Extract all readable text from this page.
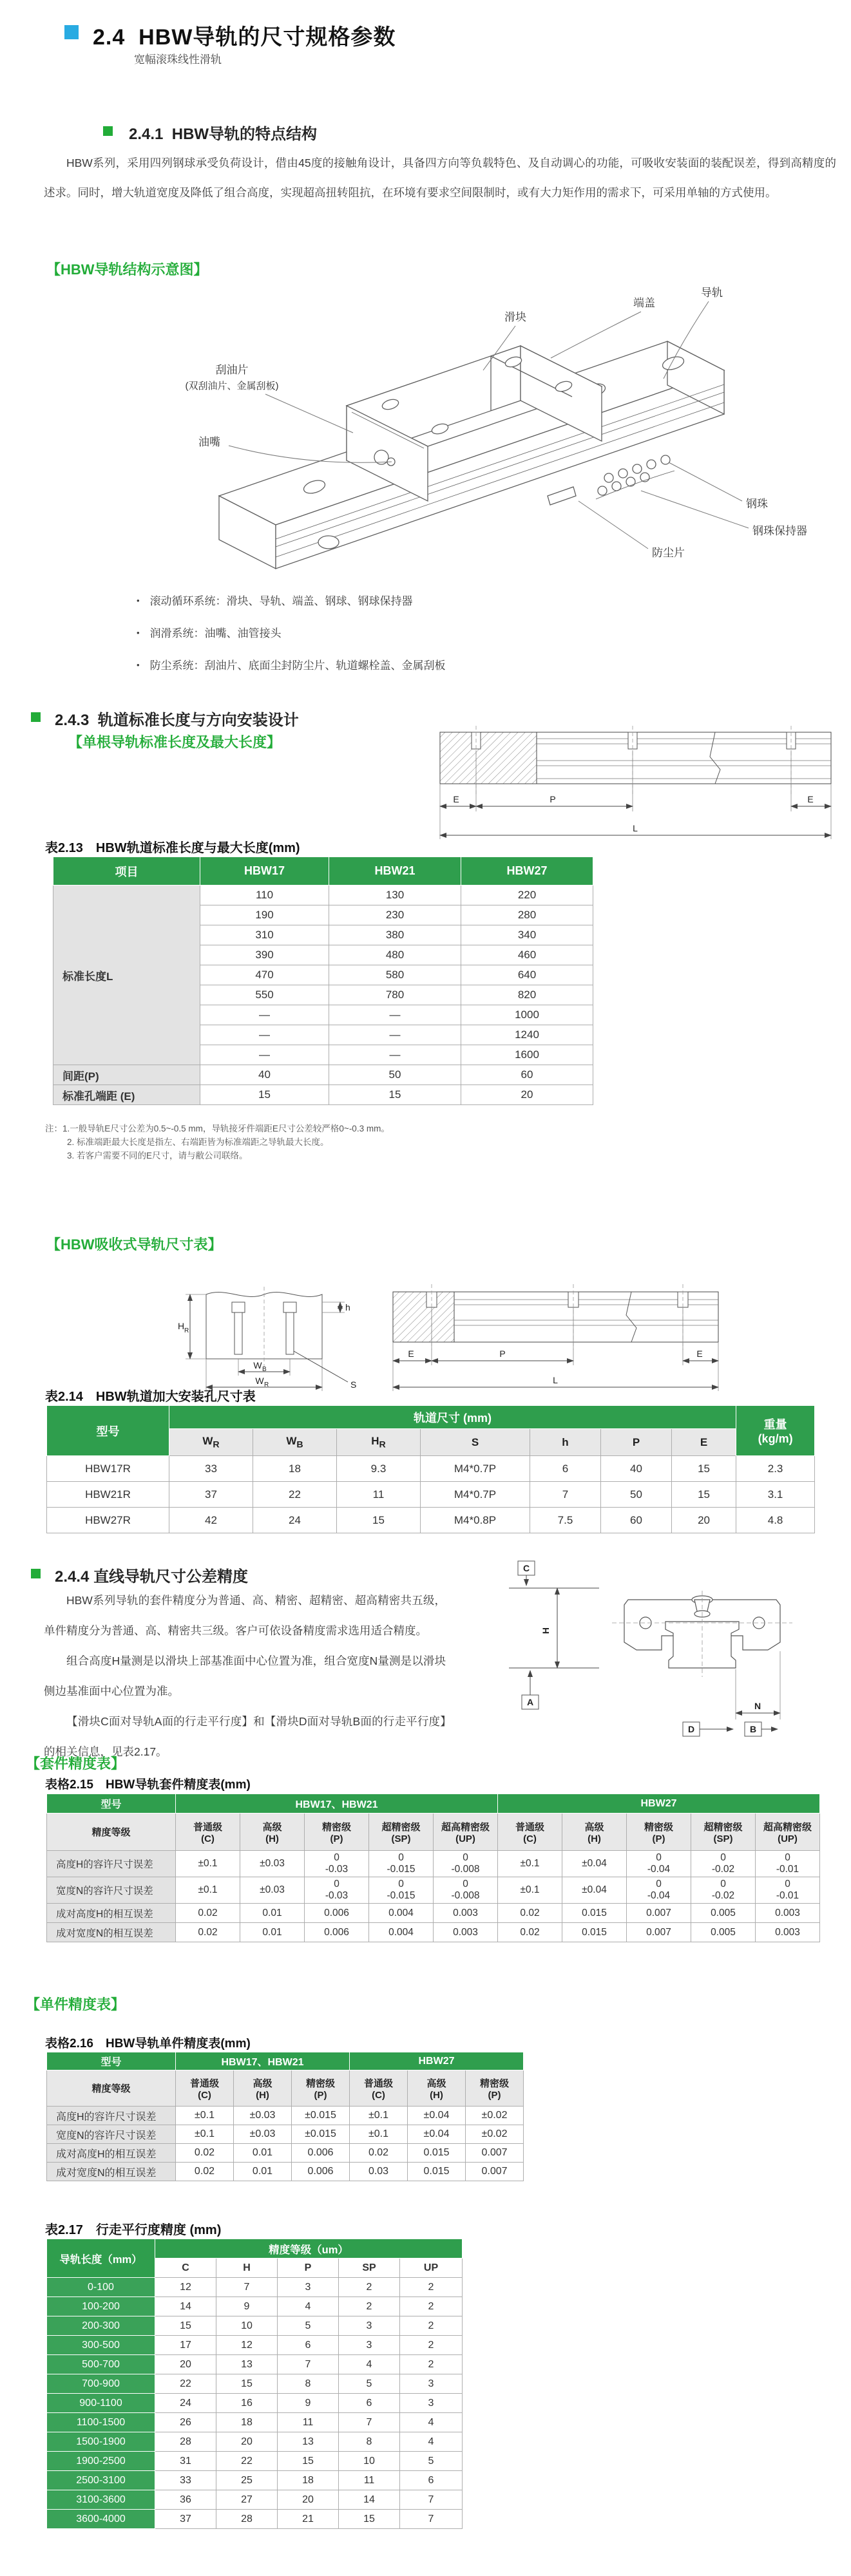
2.4 HBW导轨的尺寸规格参数
宽幅滚珠线性滑轨
2.4.1 HBW导轨的特点结构

HBW系列，采用四列钢球承受负荷设计，借由45度的接触角设计，具备四方向等负载特色、及自动调心的功能，可吸收安装面的装配误差，得到高精度的述求。同时，增大轨道宽度及降低了组合高度，实现超高扭转阻抗，在环境有要求空间限制时，或有大力矩作用的需求下，可采用单轴的方式使用。

【HBW导轨结构示意图】
滑块
端盖
导轨
刮油片
(双刮油片、金属刮板)
油嘴
钢珠
钢珠保持器
防尘片
• 滚动循环系统：滑块、导轨、端盖、钢球、钢球保持器
• 润滑系统：油嘴、油管接头
• 防尘系统：刮油片、底面尘封防尘片、轨道螺栓盖、金属刮板
2.4.3 轨道标准长度与方向安装设计
【单根导轨标准长度及最大长度】
E	P	E
L
表2.13　HBW轨道标准长度与最大长度(mm)
项目	HBW17	HBW21	HBW27
标准长度L	110	130	220
	190	230	280
	310	380	340
	390	480	460
	470	580	640
	550	780	820
	—	—	1000
	—	—	1240
	—	—	1600
间距(P)	40	50	60
标准孔端距 (E)	15	15	20
注：1.一般导轨E尺寸公差为0.5~-0.5 mm，导轨接牙件端距E尺寸公差较严格0~-0.3 mm。
2. 标准端距最大长度是指左、右端距皆为标准端距之导轨最大长度。
3. 若客户需要不同的E尺寸，请与敝公司联络。
【HBW吸收式导轨尺寸表】
H R
W B
W R	S
h
E	P	E
L
表2.14　HBW轨道加大安装孔尺寸表
型号	轨道尺寸 (mm)							重量
(kg/m)
	$W_R$	$W_B$	$H_R$	S	h	P	E	
HBW17R	33	18	9.3	M4*0.7P	6	40	15	2.3
HBW21R	37	22	11	M4*0.7P	7	50	15	3.1
HBW27R	42	24	15	M4*0.8P	7.5	60	20	4.8
2.4.4 直线导轨尺寸公差精度

HBW系列导轨的套件精度分为普通、高、精密、超精密、超高精密共五级，单件精度分为普通、高、精密共三级。客户可依设备精度需求选用适合精度。

组合高度H量测是以滑块上部基准面中心位置为准，组合宽度N量测是以滑块侧边基准面中心位置为准。

【滑块C面对导轨A面的行走平行度】和【滑块D面对导轨B面的行走平行度】的相关信息，见表2.17。

C
A
D	B
H
N
【套件精度表】
表格2.15　HBW导轨套件精度表(mm)
型号	HBW17、HBW21					HBW27				
精度等级	普通级
(C)	高级
(H)	精密级
(P)	超精密级
(SP)	超高精密级
(UP)	普通级
(C)	高级
(H)	精密级
(P)	超精密级
(SP)	超高精密级
(UP)
高度H的容许尺寸误差	±0.1	±0.03	0
-0.03	0
-0.015	0
-0.008	±0.1	±0.04	0
-0.04	0
-0.02	0
-0.01
宽度N的容许尺寸误差	±0.1	±0.03	0
-0.03	0
-0.015	0
-0.008	±0.1	±0.04	0
-0.04	0
-0.02	0
-0.01
成对高度H的相互误差	0.02	0.01	0.006	0.004	0.003	0.02	0.015	0.007	0.005	0.003
成对宽度N的相互误差	0.02	0.01	0.006	0.004	0.003	0.02	0.015	0.007	0.005	0.003
【单件精度表】
表格2.16　HBW导轨单件精度表(mm)
型号	HBW17、HBW21			HBW27		
精度等级	普通级
(C)	高级
(H)	精密级
(P)	普通级
(C)	高级
(H)	精密级
(P)
高度H的容许尺寸误差	±0.1	±0.03	±0.015	±0.1	±0.04	±0.02
宽度N的容许尺寸误差	±0.1	±0.03	±0.015	±0.1	±0.04	±0.02
成对高度H的相互误差	0.02	0.01	0.006	0.02	0.015	0.007
成对宽度N的相互误差	0.02	0.01	0.006	0.03	0.015	0.007
表2.17　行走平行度精度 (mm)
导轨长度（mm）	精度等级（um）				
	C	H	P	SP	UP
0-100	12	7	3	2	2
100-200	14	9	4	2	2
200-300	15	10	5	3	2
300-500	17	12	6	3	2
500-700	20	13	7	4	2
700-900	22	15	8	5	3
900-1100	24	16	9	6	3
1100-1500	26	18	11	7	4
1500-1900	28	20	13	8	4
1900-2500	31	22	15	10	5
2500-3100	33	25	18	11	6
3100-3600	36	27	20	14	7
3600-4000	37	28	21	15	7
